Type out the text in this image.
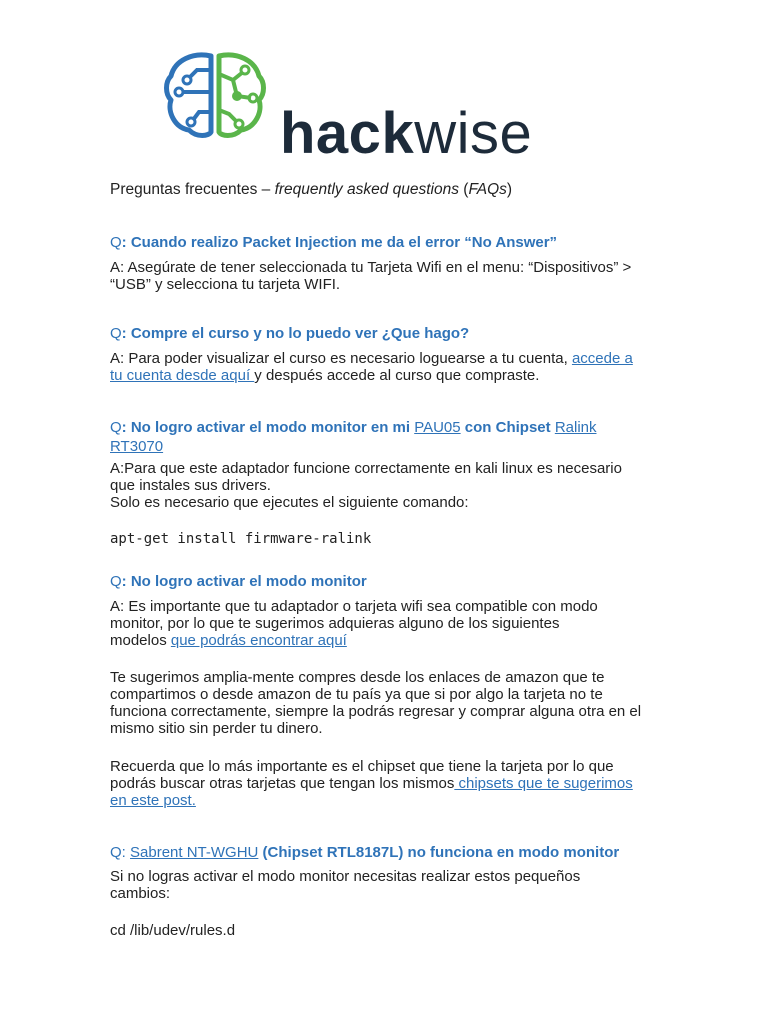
hackwise
Preguntas frecuentes – frequently asked questions (FAQs)
Q: Cuando realizo Packet Injection me da el error “No Answer”
A: Asegúrate de tener seleccionada tu Tarjeta Wifi en el menu: “Dispositivos” >
“USB” y selecciona tu tarjeta WIFI.
Q: Compre el curso y no lo puedo ver ¿Que hago?
A: Para poder visualizar el curso es necesario loguearse a tu cuenta, accede a
tu cuenta desde aquí y después accede al curso que compraste.
Q: No logro activar el modo monitor en mi PAU05 con Chipset Ralink
RT3070
A:Para que este adaptador funcione correctamente en kali linux es necesario
que instales sus drivers.
Solo es necesario que ejecutes el siguiente comando:
apt-get install firmware-ralink
Q: No logro activar el modo monitor
A: Es importante que tu adaptador o tarjeta wifi sea compatible con modo
monitor, por lo que te sugerimos adquieras alguno de los siguientes
modelos que podrás encontrar aquí
Te sugerimos amplia-mente compres desde los enlaces de amazon que te
compartimos o desde amazon de tu país ya que si por algo la tarjeta no te
funciona correctamente, siempre la podrás regresar y comprar alguna otra en el
mismo sitio sin perder tu dinero.
Recuerda que lo más importante es el chipset que tiene la tarjeta por lo que
podrás buscar otras tarjetas que tengan los mismos chipsets que te sugerimos
en este post.
Q: Sabrent NT-WGHU (Chipset RTL8187L) no funciona en modo monitor
Si no logras activar el modo monitor necesitas realizar estos pequeños
cambios:
cd /lib/udev/rules.d
